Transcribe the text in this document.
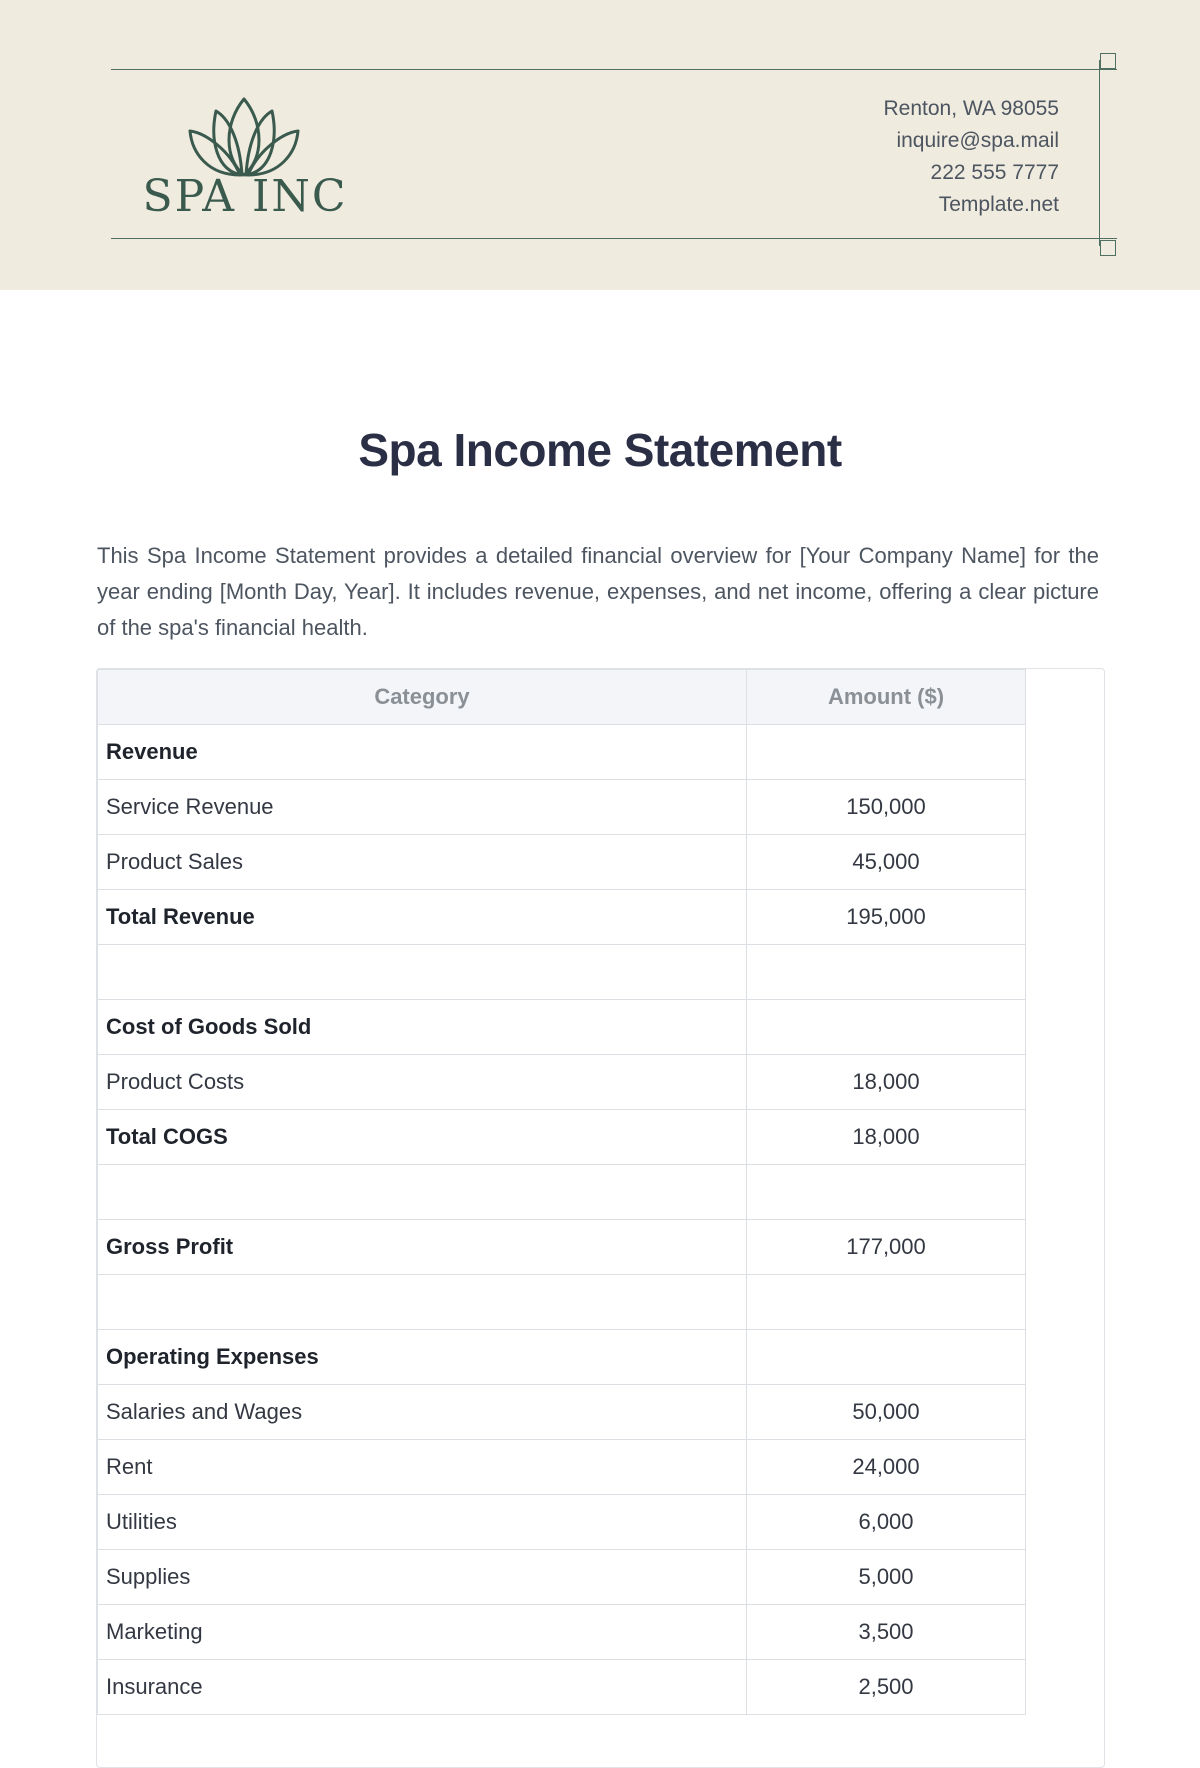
SPA INC
Renton, WA 98055
inquire@spa.mail
222 555 7777
Template.net
Spa Income Statement
This Spa Income Statement provides a detailed financial overview for [Your Company Name] for the year ending [Month Day, Year]. It includes revenue, expenses, and net income, offering a clear picture of the spa's financial health.
Category	Amount ($)
Revenue	
Service Revenue	150,000
Product Sales	45,000
Total Revenue	195,000

Cost of Goods Sold	
Product Costs	18,000
Total COGS	18,000

Gross Profit	177,000

Operating Expenses	
Salaries and Wages	50,000
Rent	24,000
Utilities	6,000
Supplies	5,000
Marketing	3,500
Insurance	2,500
